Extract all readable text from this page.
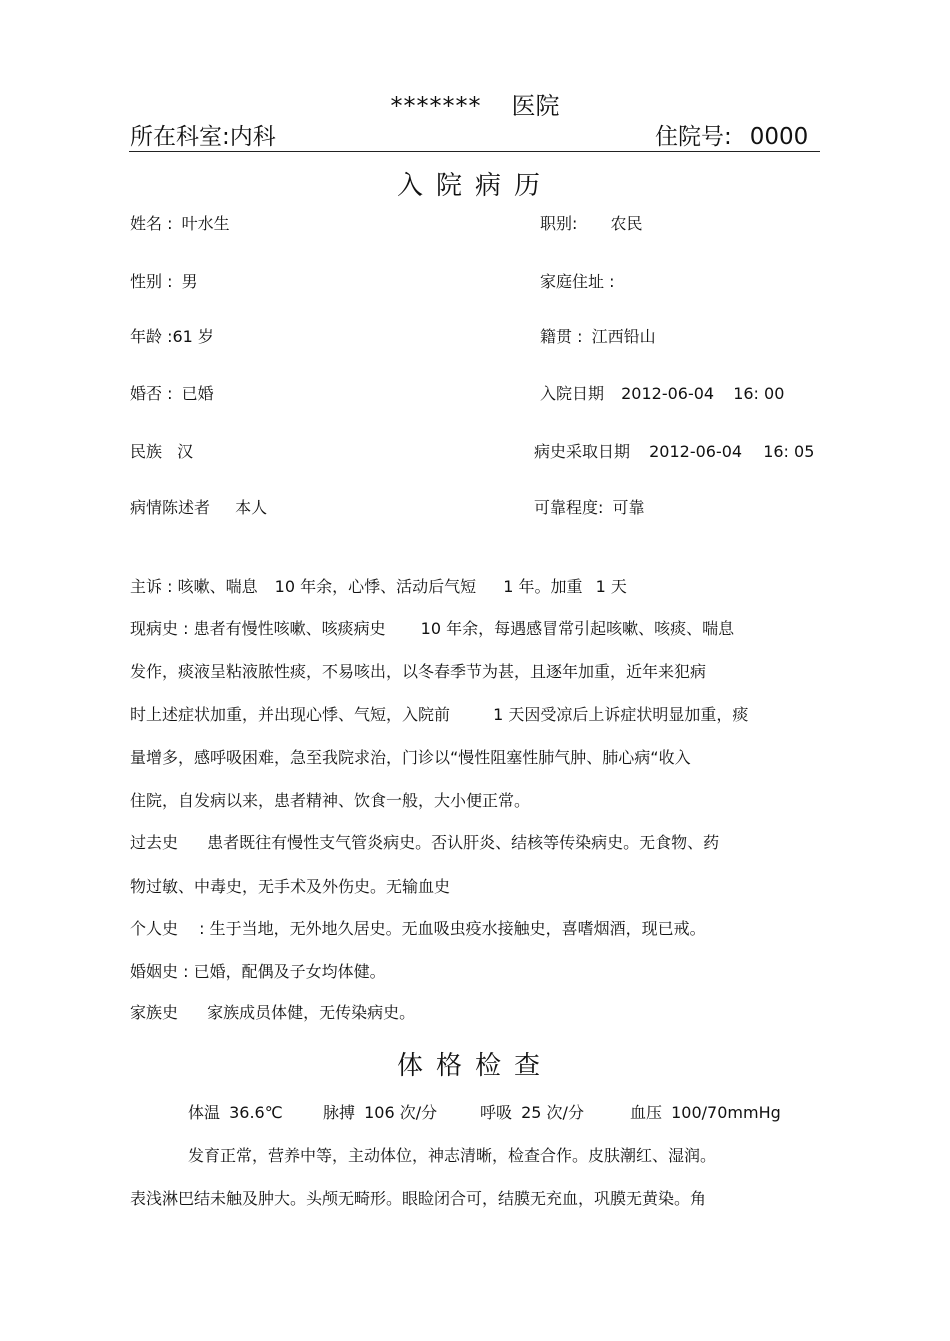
******* 医院
所在科室:内科	住院号: 0000
入院病历
姓名 : 叶水生	职别: 农民
性别 : 男	家庭住址 :
年龄 :61 岁	籍贯 : 江西铅山
婚否 : 已婚	入院日期 2012-06-04 16: 00
民族 汉	病史采取日期 2012-06-04 16: 05
病情陈述者 本人	可靠程度: 可靠
主诉 : 咳嗽、喘息 10 年余，心悸、活动后气短 1 年。加重 1 天
现病史 : 患者有慢性咳嗽、咳痰病史 10 年余，每遇感冒常引起咳嗽、咳痰、喘息
发作，痰液呈粘液脓性痰，不易咳出，以冬春季节为甚，且逐年加重，近年来犯病
时上述症状加重，并出现心悸、气短，入院前	1 天因受凉后上诉症状明显加重，痰
量增多，感呼吸困难，急至我院求治，门诊以“慢性阻塞性肺气肿、肺心病“收入
住院，自发病以来，患者精神、饮食一般，大小便正常。
过去史 患者既往有慢性支气管炎病史。否认肝炎、结核等传染病史。无食物、药
物过敏、中毒史，无手术及外伤史。无输血史
个人史 : 生于当地，无外地久居史。无血吸虫疫水接触史，喜嗜烟酒，现已戒。
婚姻史 : 已婚，配偶及子女均体健。
家族史 家族成员体健，无传染病史。
体格检查
体温 36.6℃	脉搏 106 次/分	呼吸 25 次/分	血压 100/70mmHg
发育正常，营养中等，主动体位，神志清晰，检查合作。皮肤潮红、湿润。
表浅淋巴结未触及肿大。头颅无畸形。眼睑闭合可，结膜无充血，巩膜无黄染。角
